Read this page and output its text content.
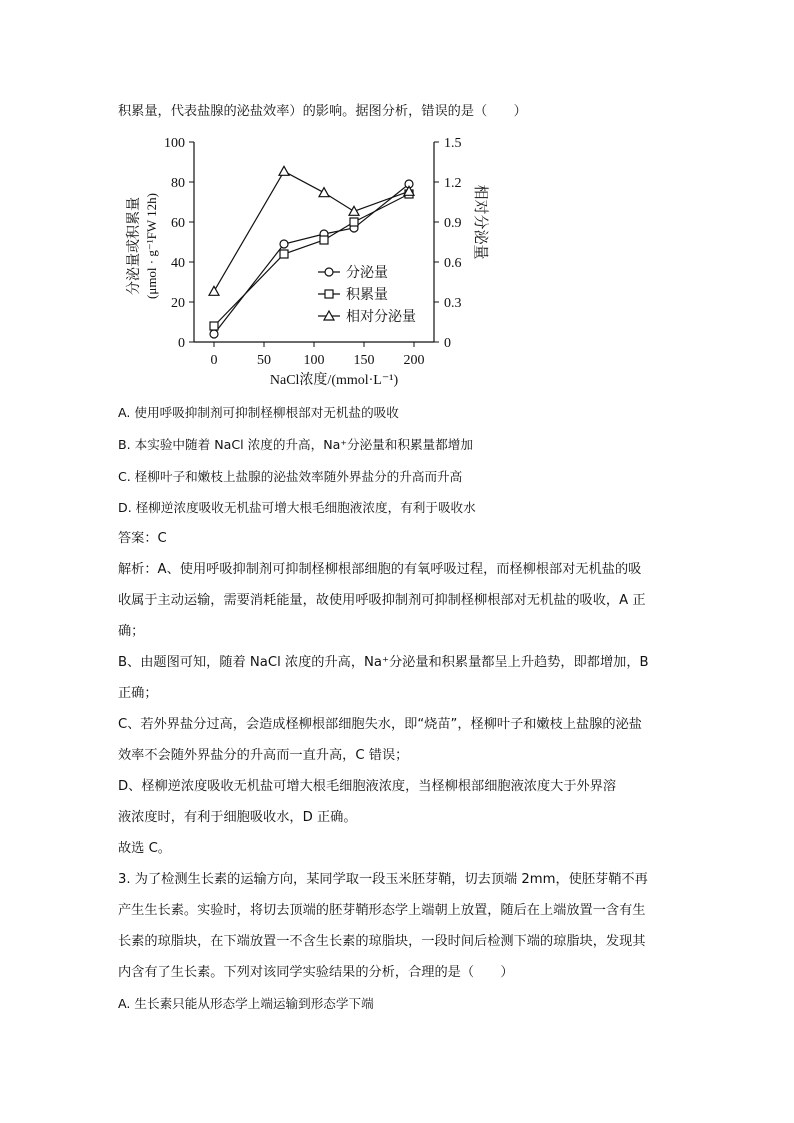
积累量，代表盐腺的泌盐效率）的影响。据图分析，错误的是（　　）
0
20
40
60
80
100
0
0.3
0.6
0.9
1.2
1.5
0	50 100 150 200
NaCl浓度/(mmol·L⁻¹)
分泌量或积累量 (μmol · g⁻¹FW 12h)	相对分泌量
分泌量
积累量
相对分泌量
A. 使用呼吸抑制剂可抑制柽柳根部对无机盐的吸收
B. 本实验中随着 NaCl 浓度的升高，Na⁺分泌量和积累量都增加
C. 柽柳叶子和嫩枝上盐腺的泌盐效率随外界盐分的升高而升高
D. 柽柳逆浓度吸收无机盐可增大根毛细胞液浓度，有利于吸收水
答案：C
解析：A、使用呼吸抑制剂可抑制柽柳根部细胞的有氧呼吸过程，而柽柳根部对无机盐的吸
收属于主动运输，需要消耗能量，故使用呼吸抑制剂可抑制柽柳根部对无机盐的吸收，A 正
确；
B、由题图可知，随着 NaCl 浓度的升高，Na⁺分泌量和积累量都呈上升趋势，即都增加，B
正确；
C、若外界盐分过高，会造成柽柳根部细胞失水，即“烧苗”，柽柳叶子和嫩枝上盐腺的泌盐
效率不会随外界盐分的升高而一直升高，C 错误；
D、柽柳逆浓度吸收无机盐可增大根毛细胞液浓度，当柽柳根部细胞液浓度大于外界溶
液浓度时，有利于细胞吸收水，D 正确。
故选 C。
3. 为了检测生长素的运输方向，某同学取一段玉米胚芽鞘，切去顶端 2mm，使胚芽鞘不再
产生生长素。实验时，将切去顶端的胚芽鞘形态学上端朝上放置，随后在上端放置一含有生
长素的琼脂块，在下端放置一不含生长素的琼脂块，一段时间后检测下端的琼脂块，发现其
内含有了生长素。下列对该同学实验结果的分析，合理的是（　　）
A. 生长素只能从形态学上端运输到形态学下端
